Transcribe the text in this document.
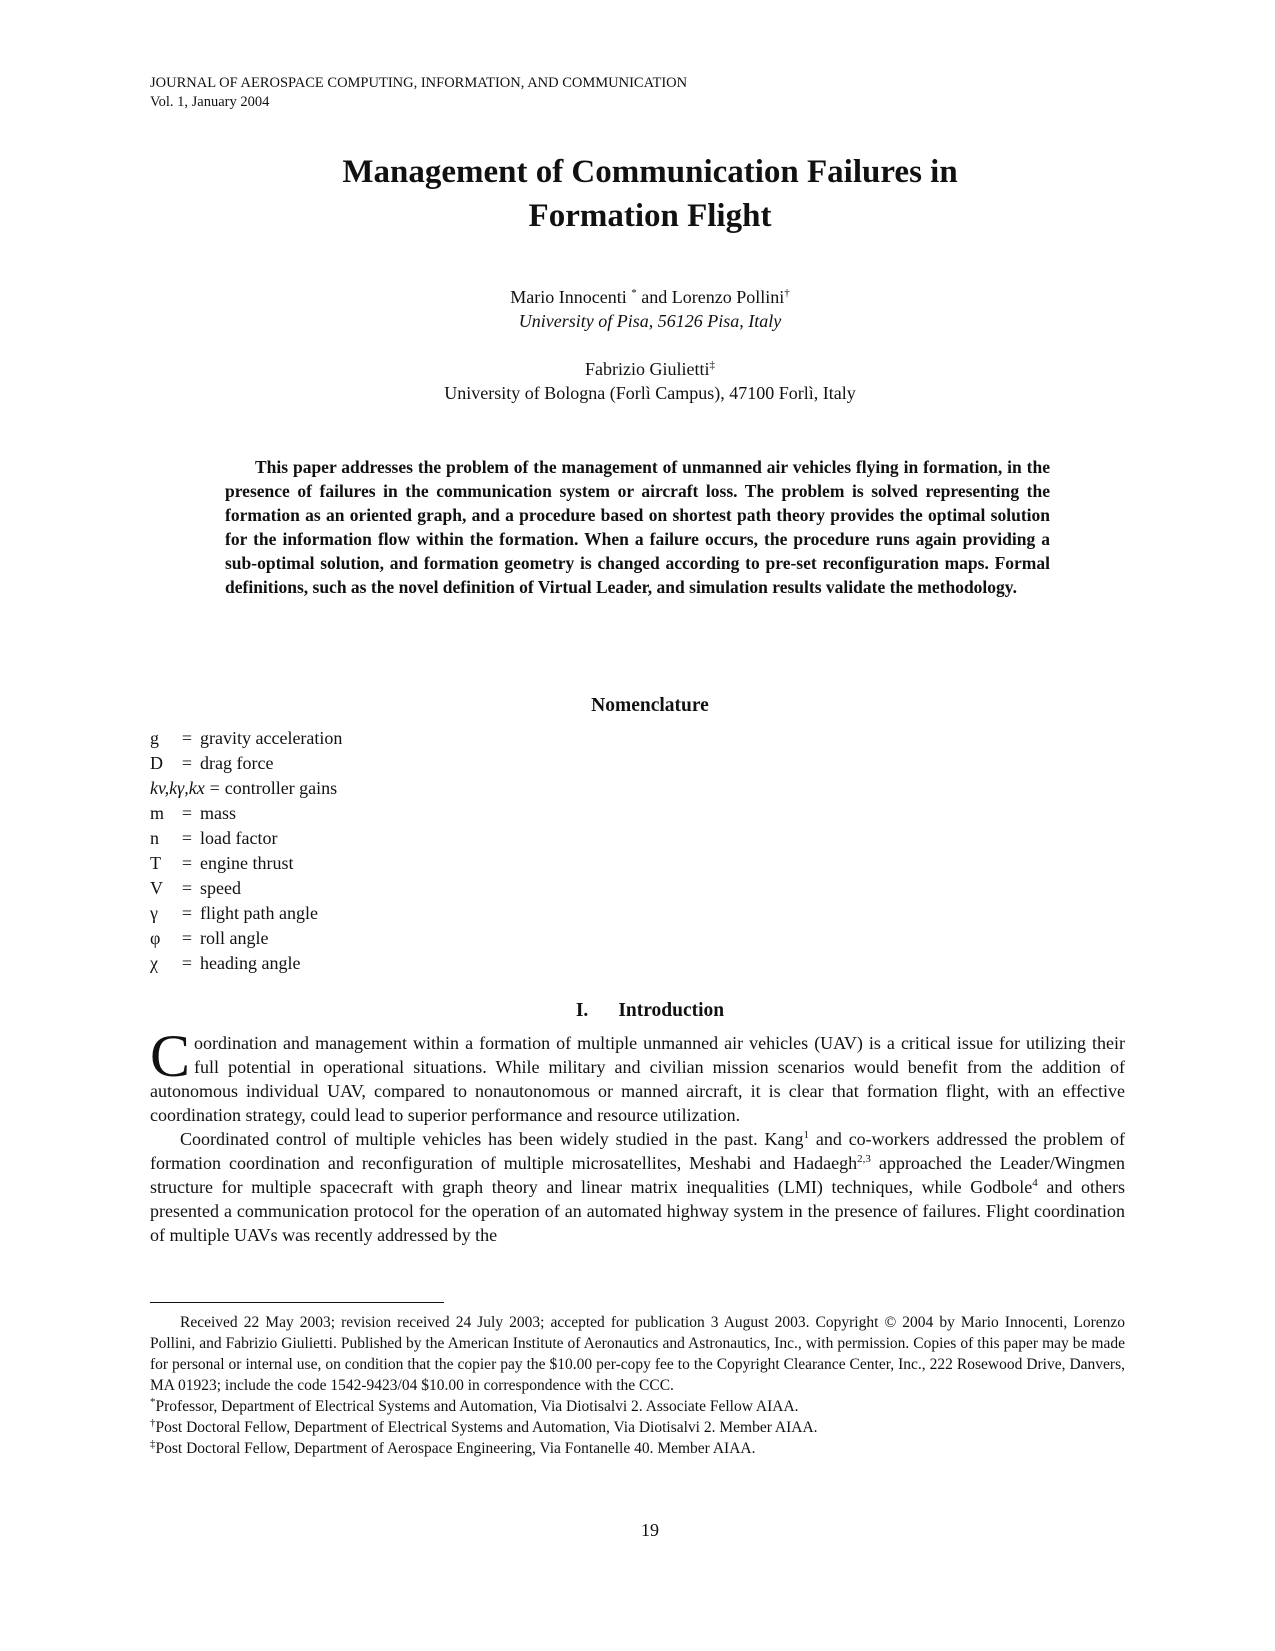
JOURNAL OF AEROSPACE COMPUTING, INFORMATION, AND COMMUNICATION
Vol. 1, January 2004
Management of Communication Failures in
Formation Flight
Mario Innocenti * and Lorenzo Pollini†
University of Pisa, 56126 Pisa, Italy
Fabrizio Giulietti‡
University of Bologna (Forlì Campus), 47100 Forlì, Italy
This paper addresses the problem of the management of unmanned air vehicles flying in formation, in the presence of failures in the communication system or aircraft loss. The problem is solved representing the formation as an oriented graph, and a procedure based on shortest path theory provides the optimal solution for the information flow within the formation. When a failure occurs, the procedure runs again providing a sub-optimal solution, and formation geometry is changed according to pre-set reconfiguration maps. Formal definitions, such as the novel definition of Virtual Leader, and simulation results validate the methodology.
Nomenclature
g	= gravity acceleration
D	= drag force
kv,kγ,kx = controller gains
m = mass
n	= load factor
T	= engine thrust
V	= speed
γ	= flight path angle
φ	= roll angle
χ	= heading angle
I. Introduction

Coordination and management within a formation of multiple unmanned air vehicles (UAV) is a critical issue for utilizing their full potential in operational situations. While military and civilian mission scenarios would benefit from the addition of autonomous individual UAV, compared to nonautonomous or manned aircraft, it is clear that formation flight, with an effective coordination strategy, could lead to superior performance and resource utilization.

Coordinated control of multiple vehicles has been widely studied in the past. Kang$^1$ and co-workers addressed the problem of formation coordination and reconfiguration of multiple microsatellites, Meshabi and Hadaegh$^{2,3}$ approached the Leader/Wingmen structure for multiple spacecraft with graph theory and linear matrix inequalities (LMI) techniques, while Godbole$^4$ and others presented a communication protocol for the operation of an automated highway system in the presence of failures. Flight coordination of multiple UAVs was recently addressed by the

Received 22 May 2003; revision received 24 July 2003; accepted for publication 3 August 2003. Copyright © 2004 by Mario Innocenti, Lorenzo Pollini, and Fabrizio Giulietti. Published by the American Institute of Aeronautics and Astronautics, Inc., with permission. Copies of this paper may be made for personal or internal use, on condition that the copier pay the $10.00 per-copy fee to the Copyright Clearance Center, Inc., 222 Rosewood Drive, Danvers, MA 01923; include the code 1542-9423/04 $10.00 in correspondence with the CCC.

*Professor, Department of Electrical Systems and Automation, Via Diotisalvi 2. Associate Fellow AIAA.

†Post Doctoral Fellow, Department of Electrical Systems and Automation, Via Diotisalvi 2. Member AIAA.

‡Post Doctoral Fellow, Department of Aerospace Engineering, Via Fontanelle 40. Member AIAA.

19
